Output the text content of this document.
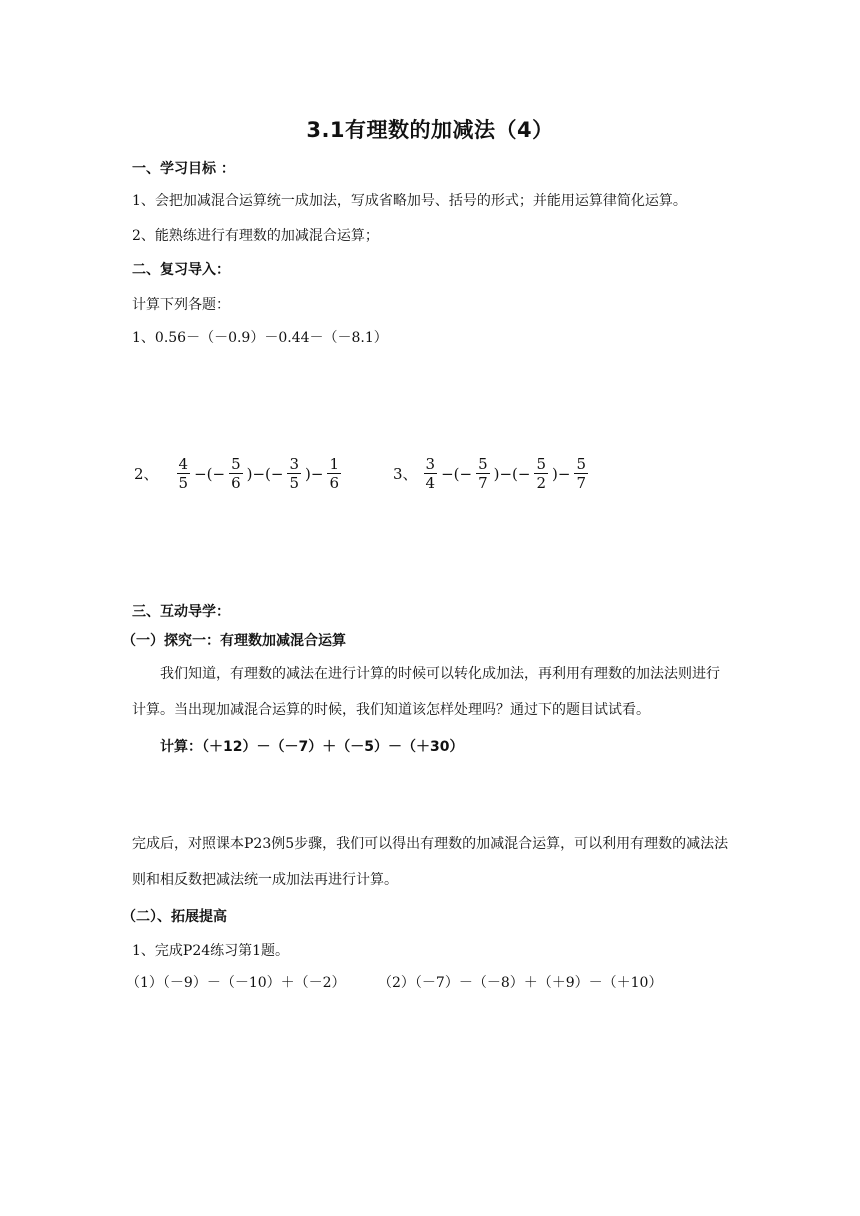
3.1有理数的加减法（4）
一、学习目标 ：
1、会把加减混合运算统一成加法，写成省略加号、括号的形式；并能用运算律简化运算。
2、能熟练进行有理数的加减混合运算；
二、复习导入：
计算下列各题：
1、0.56－（－0.9）－0.44－（－8.1）
2、 $\frac{4}{5}$ −(− $\frac{5}{6}$ )−(− $\frac{3}{5}$ )− $\frac{1}{6}$	3、 $\frac{3}{4}$ −(− $\frac{5}{7}$ )−(− $\frac{5}{2}$ )− $\frac{5}{7}$
三、互动导学：
（一）探究一：有理数加减混合运算
我们知道，有理数的减法在进行计算的时候可以转化成加法，再利用有理数的加法法则进行计算。当出现加减混合运算的时候，我们知道该怎样处理吗？通过下的题目试试看。
计算：（＋12）－（－7）＋（－5）－（＋30）
完成后，对照课本P23例5步骤，我们可以得出有理数的加减混合运算，可以利用有理数的减法法则和相反数把减法统一成加法再进行计算。
（二）、拓展提高
1、完成P24练习第1题。
（1）（－9）－（－10）＋（－2） （2）（－7）－（－8）＋（＋9）－（＋10）
